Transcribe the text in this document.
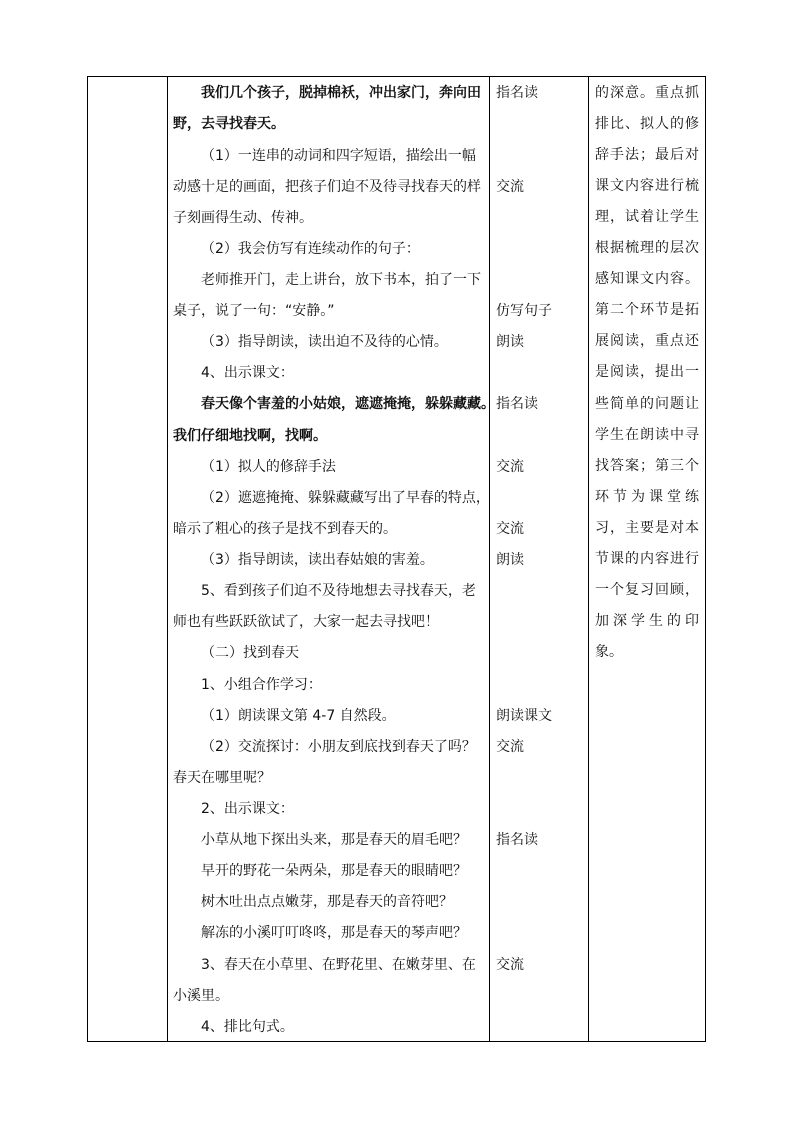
我们几个孩子，脱掉棉袄，冲出家门，奔向田
野，去寻找春天。
（1）一连串的动词和四字短语，描绘出一幅
动感十足的画面，把孩子们迫不及待寻找春天的样
子刻画得生动、传神。
（2）我会仿写有连续动作的句子：
老师推开门，走上讲台，放下书本，拍了一下
桌子，说了一句：“安静。”
（3）指导朗读，读出迫不及待的心情。
4、出示课文：
春天像个害羞的小姑娘，遮遮掩掩，躲躲藏藏。
我们仔细地找啊，找啊。
（1）拟人的修辞手法
（2）遮遮掩掩、躲躲藏藏写出了早春的特点，
暗示了粗心的孩子是找不到春天的。
（3）指导朗读，读出春姑娘的害羞。
5、看到孩子们迫不及待地想去寻找春天，老
师也有些跃跃欲试了，大家一起去寻找吧！
（二）找到春天
1、小组合作学习：
（1）朗读课文第 4-7 自然段。
（2）交流探讨：小朋友到底找到春天了吗？
春天在哪里呢？
2、出示课文：
小草从地下探出头来，那是春天的眉毛吧？
早开的野花一朵两朵，那是春天的眼睛吧？
树木吐出点点嫩芽，那是春天的音符吧？
解冻的小溪叮叮咚咚，那是春天的琴声吧？
3、春天在小草里、在野花里、在嫩芽里、在
小溪里。
4、排比句式。
指名读
交流
仿写句子
朗读
指名读
交流
交流
朗读
朗读课文
交流
指名读
交流
的深意。重点抓
排比、拟人的修
辞手法；最后对
课文内容进行梳
理，试着让学生
根据梳理的层次
感知课文内容。
第二个环节是拓
展阅读，重点还
是阅读，提出一
些简单的问题让
学生在朗读中寻
找答案；第三个
环节为课堂练
习，主要是对本
节课的内容进行
一个复习回顾，
加深学生的印
象。
